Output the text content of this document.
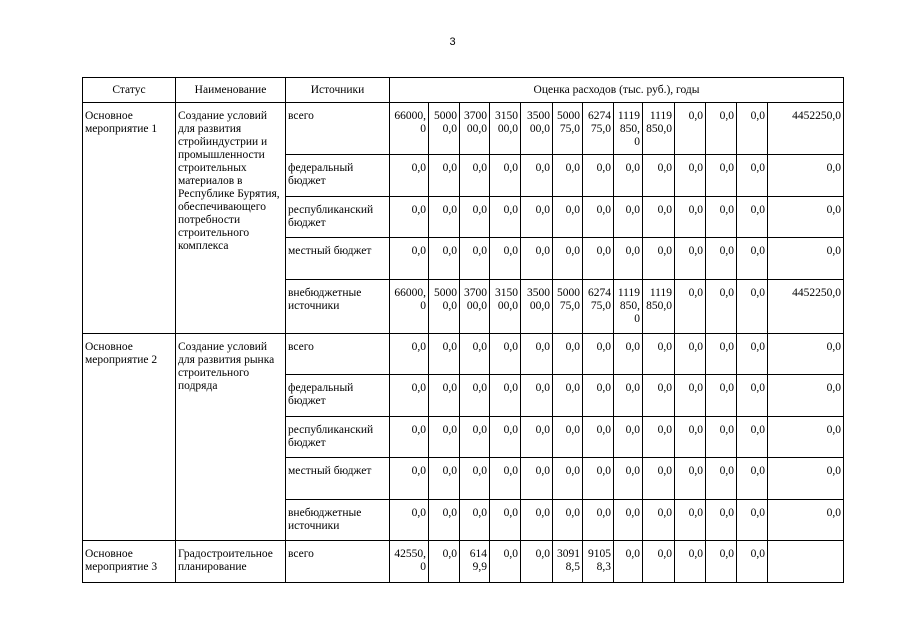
3
Статус	Наименование	Источники	Оценка расходов (тыс. руб.), годы												
Основное мероприятие 1	Создание условий для развития стройиндустрии и промышленности строительных материалов в Республике Бурятия, обеспечивающего потребности строительного комплекса	всего	66000,0	50000,0	370000,0	315000,0	350000,0	500075,0	627475,0	1119850,0	1119850,0	0,0	0,0	0,0	4452250,0
		федеральный бюджет	0,0	0,0	0,0	0,0	0,0	0,0	0,0	0,0	0,0	0,0	0,0	0,0	0,0
		республиканский бюджет	0,0	0,0	0,0	0,0	0,0	0,0	0,0	0,0	0,0	0,0	0,0	0,0	0,0
		местный бюджет	0,0	0,0	0,0	0,0	0,0	0,0	0,0	0,0	0,0	0,0	0,0	0,0	0,0
		внебюджетные источники	66000,0	50000,0	370000,0	315000,0	350000,0	500075,0	627475,0	1119850,0	1119850,0	0,0	0,0	0,0	4452250,0
Основное мероприятие 2	Создание условий для развития рынка строительного подряда	всего	0,0	0,0	0,0	0,0	0,0	0,0	0,0	0,0	0,0	0,0	0,0	0,0	0,0
		федеральный бюджет	0,0	0,0	0,0	0,0	0,0	0,0	0,0	0,0	0,0	0,0	0,0	0,0	0,0
		республиканский бюджет	0,0	0,0	0,0	0,0	0,0	0,0	0,0	0,0	0,0	0,0	0,0	0,0	0,0
		местный бюджет	0,0	0,0	0,0	0,0	0,0	0,0	0,0	0,0	0,0	0,0	0,0	0,0	0,0
		внебюджетные источники	0,0	0,0	0,0	0,0	0,0	0,0	0,0	0,0	0,0	0,0	0,0	0,0	0,0
Основное мероприятие 3	Градостроительное планирование	всего	42550,0	0,0	6149,9	0,0	0,0	30918,5	91058,3	0,0	0,0	0,0	0,0	0,0	
